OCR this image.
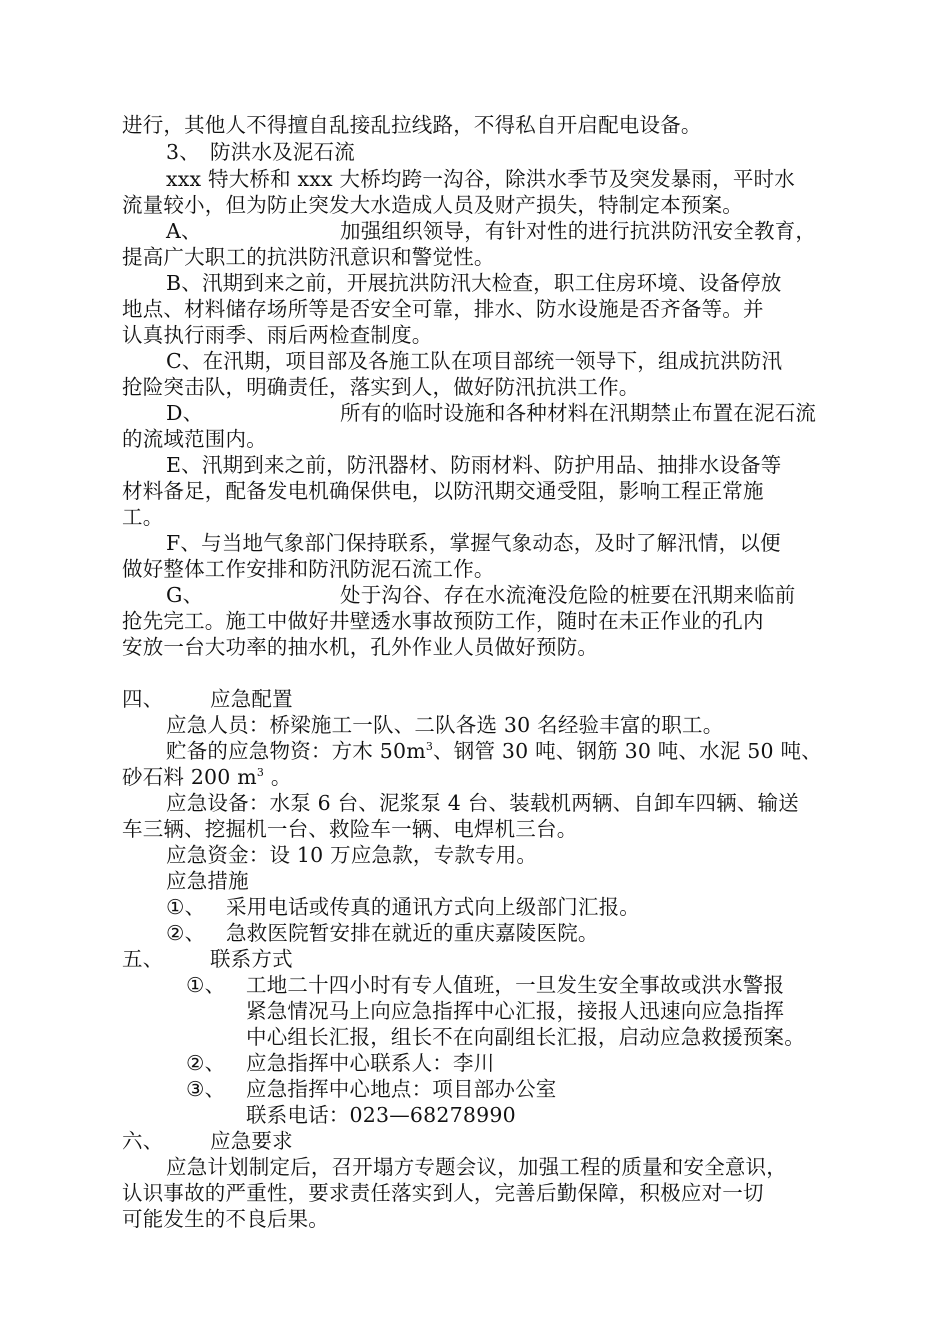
进行，其他人不得擅自乱接乱拉线路，不得私自开启配电设备。
3、 防洪水及泥石流
xxx 特大桥和 xxx 大桥均跨一沟谷，除洪水季节及突发暴雨，平时水
流量较小，但为防止突发大水造成人员及财产损失，特制定本预案。
A、	加强组织领导，有针对性的进行抗洪防汛安全教育，
提高广大职工的抗洪防汛意识和警觉性。
B、汛期到来之前，开展抗洪防汛大检查，职工住房环境、设备停放
地点、材料储存场所等是否安全可靠，排水、防水设施是否齐备等。并
认真执行雨季、雨后两检查制度。
C、在汛期，项目部及各施工队在项目部统一领导下，组成抗洪防汛
抢险突击队，明确责任，落实到人，做好防汛抗洪工作。
D、	所有的临时设施和各种材料在汛期禁止布置在泥石流
的流域范围内。
E、汛期到来之前，防汛器材、防雨材料、防护用品、抽排水设备等
材料备足，配备发电机确保供电，以防汛期交通受阻，影响工程正常施
工。
F、与当地气象部门保持联系，掌握气象动态，及时了解汛情，以便
做好整体工作安排和防汛防泥石流工作。
G、	处于沟谷、存在水流淹没危险的桩要在汛期来临前
抢先完工。施工中做好井壁透水事故预防工作，随时在未正作业的孔内
安放一台大功率的抽水机，孔外作业人员做好预防。
四、 应急配置
应急人员：桥梁施工一队、二队各选 30 名经验丰富的职工。
贮备的应急物资：方木 $50m^3$、钢管 30 吨、钢筋 30 吨、水泥 50 吨、
砂石料 200 $m^3$ 。
应急设备：水泵 6 台、泥浆泵 4 台、装载机两辆、自卸车四辆、输送
车三辆、挖掘机一台、救险车一辆、电焊机三台。
应急资金：设 10 万应急款，专款专用。
应急措施
①、 采用电话或传真的通讯方式向上级部门汇报。
②、 急救医院暂安排在就近的重庆嘉陵医院。
五、 联系方式
①、 工地二十四小时有专人值班，一旦发生安全事故或洪水警报
紧急情况马上向应急指挥中心汇报，接报人迅速向应急指挥
中心组长汇报，组长不在向副组长汇报，启动应急救援预案。
②、 应急指挥中心联系人：李川
③、 应急指挥中心地点：项目部办公室
联系电话：023—68278990
六、 应急要求
应急计划制定后，召开塌方专题会议，加强工程的质量和安全意识，
认识事故的严重性，要求责任落实到人，完善后勤保障，积极应对一切
可能发生的不良后果。
